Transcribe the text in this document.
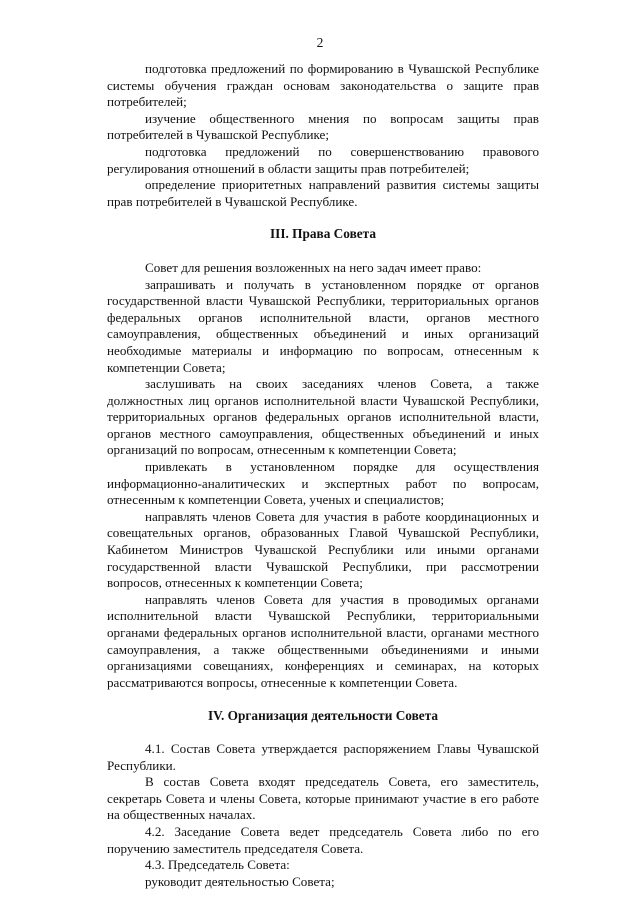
2

подготовка предложений по формированию в Чувашской Республике системы обучения граждан основам законодательства о защите прав потребителей;

изучение общественного мнения по вопросам защиты прав потребителей в Чувашской Республике;

подготовка предложений по совершенствованию правового регулирования отношений в области защиты прав потребителей;

определение приоритетных направлений развития системы защиты прав потребителей в Чувашской Республике.

III. Права Совета

Совет для решения возложенных на него задач имеет право:

запрашивать и получать в установленном порядке от органов государственной власти Чувашской Республики, территориальных органов федеральных органов исполнительной власти, органов местного самоуправления, общественных объединений и иных организаций необходимые материалы и информацию по вопросам, отнесенным к компетенции Совета;

заслушивать на своих заседаниях членов Совета, а также должностных лиц органов исполнительной власти Чувашской Республики, территориальных органов федеральных органов исполнительной власти, органов местного самоуправления, общественных объединений и иных организаций по вопросам, отнесенным к компетенции Совета;

привлекать в установленном порядке для осуществления информационно-аналитических и экспертных работ по вопросам, отнесенным к компетенции Совета, ученых и специалистов;

направлять членов Совета для участия в работе координационных и совещательных органов, образованных Главой Чувашской Республики, Кабинетом Министров Чувашской Республики или иными органами государственной власти Чувашской Республики, при рассмотрении вопросов, отнесенных к компетенции Совета;

направлять членов Совета для участия в проводимых органами исполнительной власти Чувашской Республики, территориальными органами федеральных органов исполнительной власти, органами местного самоуправления, а также общественными объединениями и иными организациями совещаниях, конференциях и семинарах, на которых рассматриваются вопросы, отнесенные к компетенции Совета.

IV. Организация деятельности Совета

4.1. Состав Совета утверждается распоряжением Главы Чувашской Республики.

В состав Совета входят председатель Совета, его заместитель, секретарь Совета и члены Совета, которые принимают участие в его работе на общественных началах.

4.2. Заседание Совета ведет председатель Совета либо по его поручению заместитель председателя Совета.

4.3. Председатель Совета:

руководит деятельностью Совета;
